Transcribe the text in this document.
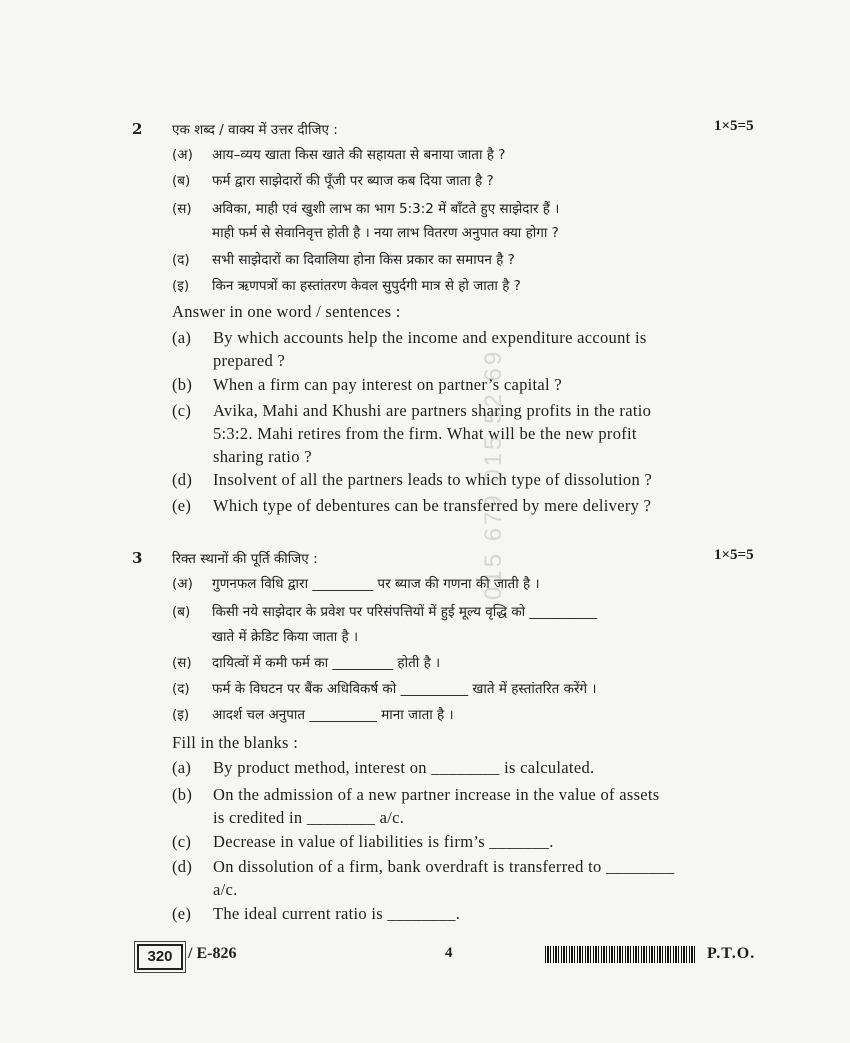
2	1×5=5
एक शब्द / वाक्य में उत्तर दीजिए :
(अ) आय–व्यय खाता किस खाते की सहायता से बनाया जाता है ?
(ब) फर्म द्वारा साझेदारों की पूँजी पर ब्याज कब दिया जाता है ?
(स) अविका, माही एवं खुशी लाभ का भाग 5:3:2 में बाँटते हुए साझेदार हैं ।
माही फर्म से सेवानिवृत्त होती है । नया लाभ वितरण अनुपात क्या होगा ?
(द) सभी साझेदारों का दिवालिया होना किस प्रकार का समापन है ?
(इ) किन ऋणपत्रों का हस्तांतरण केवल सुपुर्दगी मात्र से हो जाता है ?
Answer in one word / sentences :
(a) By which accounts help the income and expenditure account is
prepared ?
(b) When a firm can pay interest on partner’s capital ?
(c) Avika, Mahi and Khushi are partners sharing profits in the ratio
5:3:2. Mahi retires from the firm. What will be the new profit
sharing ratio ?
(d) Insolvent of all the partners leads to which type of dissolution ?
(e) Which type of debentures can be transferred by mere delivery ?
3	1×5=5
रिक्त स्थानों की पूर्ति कीजिए :
(अ) गुणनफल विधि द्वारा _________ पर ब्याज की गणना की जाती है ।
(ब) किसी नये साझेदार के प्रवेश पर परिसंपत्तियों में हुई मूल्य वृद्धि को __________
खाते में क्रेडिट किया जाता है ।
(स) दायित्वों में कमी फर्म का _________ होती है ।
(द) फर्म के विघटन पर बैंक अधिविकर्ष को __________ खाते में हस्तांतरित करेंगे ।
(इ) आदर्श चल अनुपात __________ माना जाता है ।
Fill in the blanks :
(a) By product method, interest on ________ is calculated.
(b) On the admission of a new partner increase in the value of assets
is credited in ________ a/c.
(c) Decrease in value of liabilities is firm’s _______.
(d) On dissolution of a firm, bank overdraft is transferred to ________
a/c.
(e) The ideal current ratio is ________.
320 / E-826	4	P.T.O.
015 679 015 52 69
